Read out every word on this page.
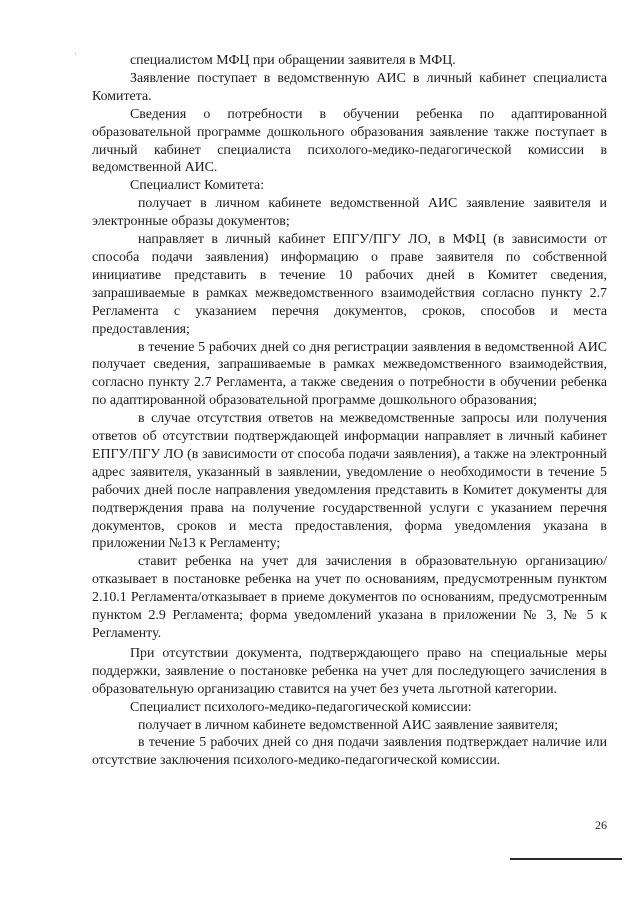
ˈ	специалистом МФЦ при обращении заявителя в МФЦ.

Заявление поступает в ведомственную АИС в личный кабинет специалиста Комитета.

Сведения о потребности в обучении ребенка по адаптированной образовательной программе дошкольного образования заявление также поступает в личный кабинет специалиста психолого-медико-педагогической комиссии в ведомственной АИС.

Специалист Комитета:

получает в личном кабинете ведомственной АИС заявление заявителя и электронные образы документов;

направляет в личный кабинет ЕПГУ/ПГУ ЛО, в МФЦ (в зависимости от способа подачи заявления) информацию о праве заявителя по собственной инициативе представить в течение 10 рабочих дней в Комитет сведения, запрашиваемые в рамках межведомственного взаимодействия согласно пункту 2.7 Регламента с указанием перечня документов, сроков, способов и места предоставления;

в течение 5 рабочих дней со дня регистрации заявления в ведомственной АИС получает сведения, запрашиваемые в рамках межведомственного взаимодействия, согласно пункту 2.7 Регламента, а также сведения о потребности в обучении ребенка по адаптированной образовательной программе дошкольного образования;

в случае отсутствия ответов на межведомственные запросы или получения ответов об отсутствии подтверждающей информации направляет в личный кабинет ЕПГУ/ПГУ ЛО (в зависимости от способа подачи заявления), а также на электронный адрес заявителя, указанный в заявлении, уведомление о необходимости в течение 5 рабочих дней после направления уведомления представить в Комитет документы для подтверждения права на получение государственной услуги с указанием перечня документов, сроков и места предоставления, форма уведомления указана в приложении №13 к Регламенту;

ставит ребенка на учет для зачисления в образовательную организацию/отказывает в постановке ребенка на учет по основаниям, предусмотренным пунктом 2.10.1 Регламента/отказывает в приеме документов по основаниям, предусмотренным пунктом 2.9 Регламента; форма уведомлений указана в приложении № 3, № 5 к Регламенту.

При отсутствии документа, подтверждающего право на специальные меры поддержки, заявление о постановке ребенка на учет для последующего зачисления в образовательную организацию ставится на учет без учета льготной категории.

Специалист психолого-медико-педагогической комиссии:

получает в личном кабинете ведомственной АИС заявление заявителя;

в течение 5 рабочих дней со дня подачи заявления подтверждает наличие или отсутствие заключения психолого-медико-педагогической комиссии.

26
